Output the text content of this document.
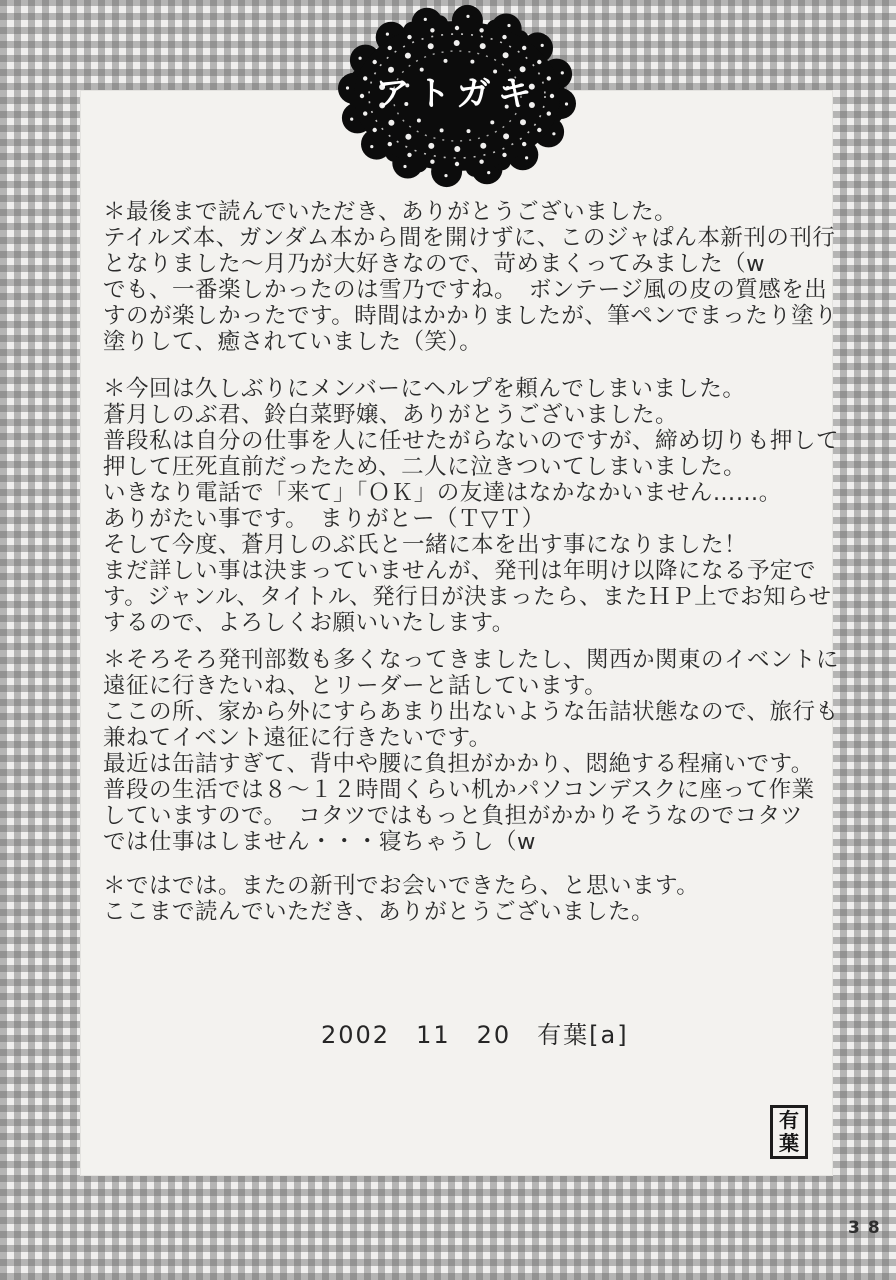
＊最後まで読んでいただき、ありがとうございました。
テイルズ本、ガンダム本から間を開けずに、このジャぱん本新刊の刊行
となりました～月乃が大好きなので、苛めまくってみました（w
でも、一番楽しかったのは雪乃ですね。　ボンテージ風の皮の質感を出
すのが楽しかったです。時間はかかりましたが、筆ペンでまったり塗り
塗りして、癒されていました（笑）。
＊今回は久しぶりにメンバーにヘルプを頼んでしまいました。
蒼月しのぶ君、鈴白菜野嬢、ありがとうございました。
普段私は自分の仕事を人に任せたがらないのですが、締め切りも押して
押して圧死直前だったため、二人に泣きついてしまいました。
いきなり電話で「来て」「ＯＫ」の友達はなかなかいません……。
ありがたい事です。　まりがとー（Ｔ▽Ｔ）
そして今度、蒼月しのぶ氏と一緒に本を出す事になりました！
まだ詳しい事は決まっていませんが、発刊は年明け以降になる予定で
す。ジャンル、タイトル、発行日が決まったら、またＨＰ上でお知らせ
するので、よろしくお願いいたします。
＊そろそろ発刊部数も多くなってきましたし、関西か関東のイベントに
遠征に行きたいね、とリーダーと話しています。
ここの所、家から外にすらあまり出ないような缶詰状態なので、旅行も
兼ねてイベント遠征に行きたいです。
最近は缶詰すぎて、背中や腰に負担がかかり、悶絶する程痛いです。
普段の生活では８～１２時間くらい机かパソコンデスクに座って作業
していますので。　コタツではもっと負担がかかりそうなのでコタツ
では仕事はしません・・・寝ちゃうし（w
＊ではでは。またの新刊でお会いできたら、と思います。
ここまで読んでいただき、ありがとうございました。
2002　11　20　有葉[a]
有
葉
アトガキ
38
